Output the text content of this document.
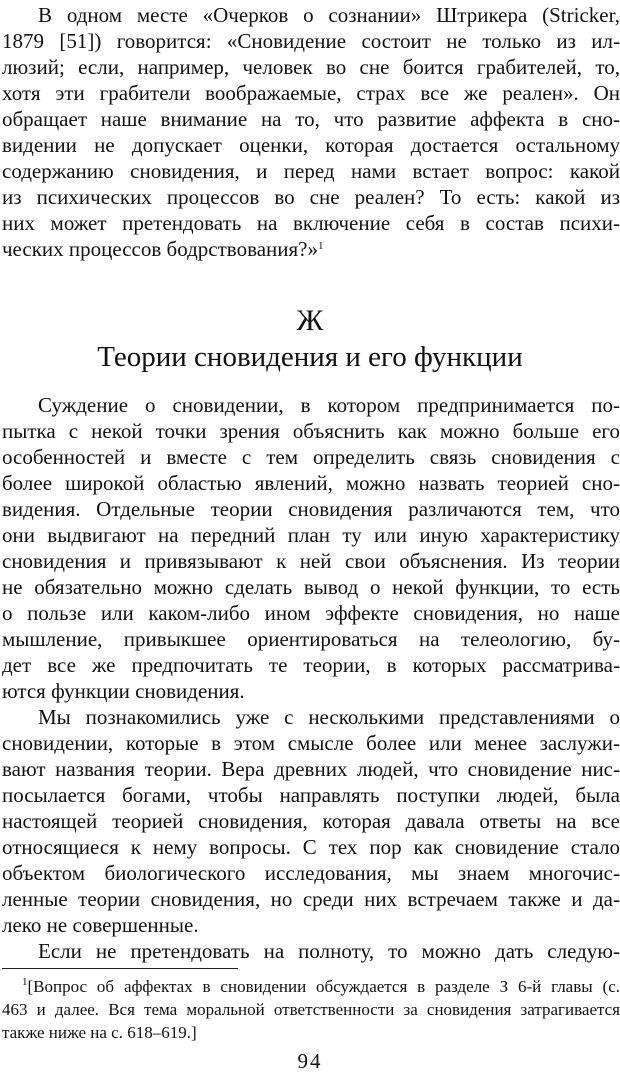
В одном месте «Очерков о сознании» Штрикера (Stricker,
1879 [51]) говорится: «Сновидение состоит не только из ил-
люзий; если, например, человек во сне боится грабителей, то,
хотя эти грабители воображаемые, страх все же реален». Он
обращает наше внимание на то, что развитие аффекта в сно-
видении не допускает оценки, которая достается остальному
содержанию сновидения, и перед нами встает вопрос: какой
из психических процессов во сне реален? То есть: какой из
них может претендовать на включение себя в состав психи-
ческих процессов бодрствования?»$^1$
Ж
Теории сновидения и его функции
Суждение о сновидении, в котором предпринимается по-
пытка с некой точки зрения объяснить как можно больше его
особенностей и вместе с тем определить связь сновидения с
более широкой областью явлений, можно назвать теорией сно-
видения. Отдельные теории сновидения различаются тем, что
они выдвигают на передний план ту или иную характеристику
сновидения и привязывают к ней свои объяснения. Из теории
не обязательно можно сделать вывод о некой функции, то есть
о пользе или каком-либо ином эффекте сновидения, но наше
мышление, привыкшее ориентироваться на телеологию, бу-
дет все же предпочитать те теории, в которых рассматрива-
ются функции сновидения.
Мы познакомились уже с несколькими представлениями о
сновидении, которые в этом смысле более или менее заслужи-
вают названия теории. Вера древних людей, что сновидение нис-
посылается богами, чтобы направлять поступки людей, была
настоящей теорией сновидения, которая давала ответы на все
относящиеся к нему вопросы. С тех пор как сновидение стало
объектом биологического исследования, мы знаем многочис-
ленные теории сновидения, но среди них встречаем также и да-
леко не совершенные.
Если не претендовать на полноту, то можно дать следую-
$^1$[Вопрос об аффектах в сновидении обсуждается в разделе З 6-й главы (с.
463 и далее. Вся тема моральной ответственности за сновидения затрагивается
также ниже на с. 618–619.]
94
